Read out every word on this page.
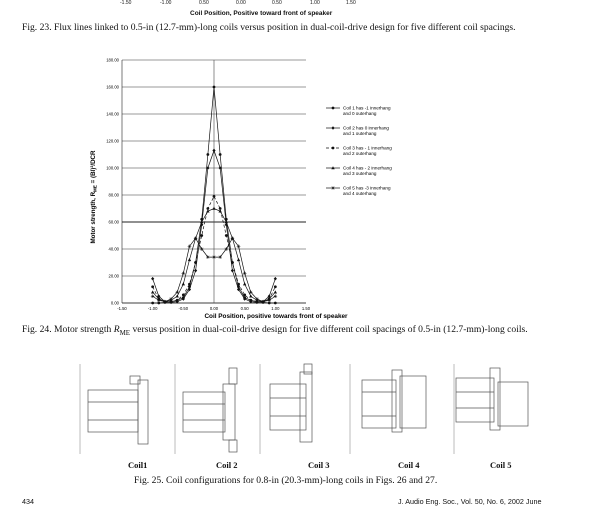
-1.50	-1.00	0.50	0.00	0.50	1.00	1.50
Coil Position, Positive toward front of speaker
Fig. 23. Flux lines linked to 0.5-in (12.7-mm)-long coils versus position in dual-coil-drive design for five different coil spacings.
0.00
20.00
40.00
60.00
80.00
100.00
120.00
140.00
160.00
180.00
-1.50	-1.00	-0.50	0.00	0.50	1.00	1.50
Coil 1 has -1 innerhang
and 0 outerhang
Coil 2 has 0 innerhang
and 1 outerhang
Coil 3 has - 1 innerhang
and 2 outerhang
Coil 4 has - 2 innerhang
and 3 outerhang
Coil 5 has -3 innerhang
and 4 outerhang
Coil Position, positive towards front of speaker
Motor strength, $R_{ME} = (Bl)^2/DCR$
Fig. 24. Motor strength $R_{ME}$ versus position in dual-coil-drive design for five different coil spacings of 0.5-in (12.7-mm)-long coils.
Coil1	Coil 2	Coil 3	Coil 4	Coil 5
Fig. 25. Coil configurations for 0.8-in (20.3-mm)-long coils in Figs. 26 and 27.
434	J. Audio Eng. Soc., Vol. 50, No. 6, 2002 June
